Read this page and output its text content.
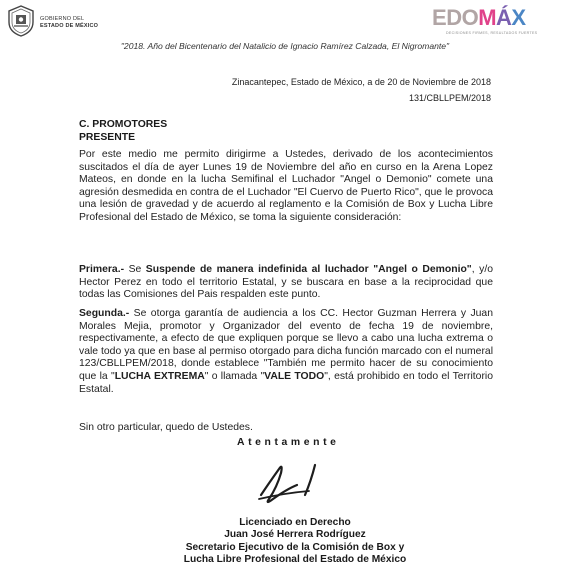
GOBIERNO DEL
ESTADO DE MÉXICO	EDOMÁX
DECISIONES FIRMES, RESULTADOS FUERTES
"2018. Año del Bicentenario del Natalicio de Ignacio Ramírez Calzada, El Nigromante"
Zinacantepec, Estado de México, a de 20 de Noviembre de 2018
131/CBLLPEM/2018
C. PROMOTORES
PRESENTE
Por este medio me permito dirigirme a Ustedes, derivado de los acontecimientos suscitados el día de ayer Lunes 19 de Noviembre del año en curso en la Arena Lopez Mateos, en donde en la lucha Semifinal el Luchador "Angel o Demonio" comete una agresión desmedida en contra de el Luchador "El Cuervo de Puerto Rico", que le provoca una lesión de gravedad y de acuerdo al reglamento e la Comisión de Box y Lucha Libre Profesional del Estado de México, se toma la siguiente consideración:
Primera.- Se Suspende de manera indefinida al luchador "Angel o Demonio", y/o Hector Perez en todo el territorio Estatal, y se buscara en base a la reciprocidad que todas las Comisiones del Pais respalden este punto.
Segunda.- Se otorga garantía de audiencia a los CC. Hector Guzman Herrera y Juan Morales Mejia, promotor y Organizador del evento de fecha 19 de noviembre, respectivamente, a efecto de que expliquen porque se llevo a cabo una lucha extrema o vale todo ya que en base al permiso otorgado para dicha función marcado con el numeral 123/CBLLPEM/2018, donde establece "También me permito hacer de su conocimiento que la "LUCHA EXTREMA" o llamada "VALE TODO", está prohibido en todo el Territorio Estatal.
Sin otro particular, quedo de Ustedes.
Atentamente
Licenciado en Derecho
Juan José Herrera Rodríguez
Secretario Ejecutivo de la Comisión de Box y
Lucha Libre Profesional del Estado de México
